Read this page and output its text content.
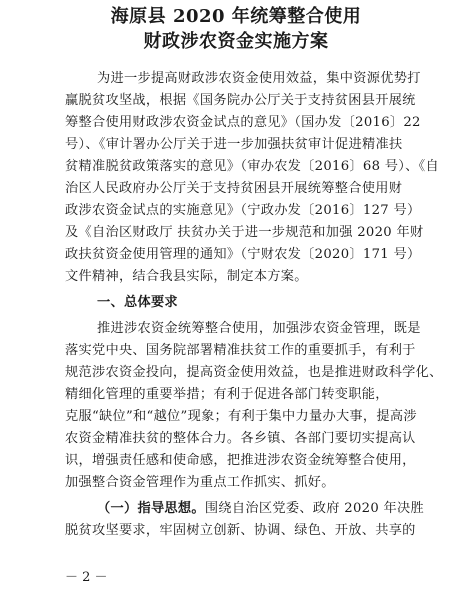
海原县 2020 年统筹整合使用
财政涉农资金实施方案
为进一步提高财政涉农资金使用效益，集中资源优势打
赢脱贫攻坚战，根据《国务院办公厅关于支持贫困县开展统
筹整合使用财政涉农资金试点的意见》（国办发〔2016〕22
号）、《审计署办公厅关于进一步加强扶贫审计促进精准扶
贫精准脱贫政策落实的意见》（审办农发〔2016〕68 号）、《自
治区人民政府办公厅关于支持贫困县开展统筹整合使用财
政涉农资金试点的实施意见》（宁政办发〔2016〕127 号）
及《自治区财政厅 扶贫办关于进一步规范和加强 2020 年财
政扶贫资金使用管理的通知》（宁财农发〔2020〕171 号）
文件精神，结合我县实际，制定本方案。
一、总体要求
推进涉农资金统筹整合使用，加强涉农资金管理，既是
落实党中央、国务院部署精准扶贫工作的重要抓手，有利于
规范涉农资金投向，提高资金使用效益，也是推进财政科学化、
精细化管理的重要举措；有利于促进各部门转变职能，
克服“缺位”和“越位”现象；有利于集中力量办大事，提高涉
农资金精准扶贫的整体合力。各乡镇、各部门要切实提高认
识，增强责任感和使命感，把推进涉农资金统筹整合使用，
加强整合资金管理作为重点工作抓实、抓好。
（一）指导思想。围绕自治区党委、政府 2020 年决胜
脱贫攻坚要求，牢固树立创新、协调、绿色、开放、共享的
－ 2 －
